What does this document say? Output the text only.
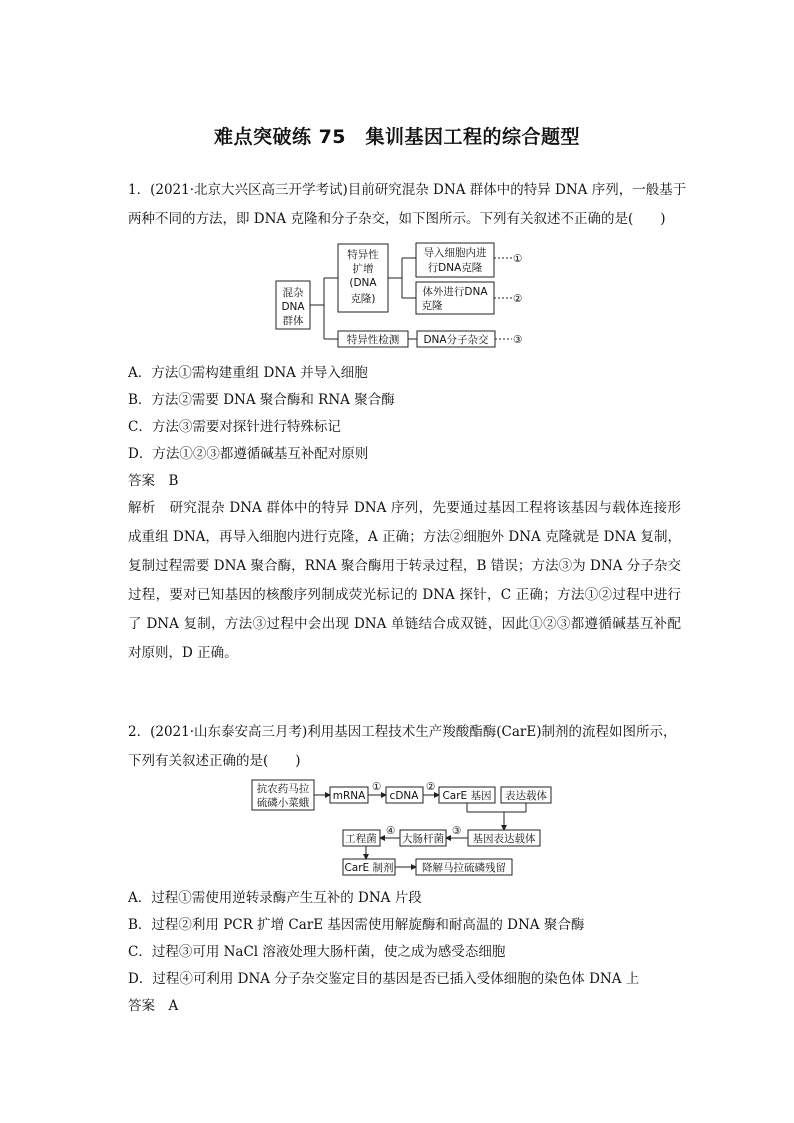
难点突破练 75　集训基因工程的综合题型
1．(2021·北京大兴区高三开学考试)目前研究混杂 DNA 群体中的特异 DNA 序列，一般基于
两种不同的方法，即 DNA 克隆和分子杂交，如下图所示。下列有关叙述不正确的是(　　)
混杂
DNA
群体
特异性
扩增
(DNA
克隆)
导入细胞内进
行DNA克隆
体外进行DNA
克隆
特异性检测 DNA分子杂交
①
②
③
A．方法①需构建重组 DNA 并导入细胞
B．方法②需要 DNA 聚合酶和 RNA 聚合酶
C．方法③需要对探针进行特殊标记
D．方法①②③都遵循碱基互补配对原则
答案　B
解析　研究混杂 DNA 群体中的特异 DNA 序列，先要通过基因工程将该基因与载体连接形成重组 DNA，再导入细胞内进行克隆，A 正确；方法②细胞外 DNA 克隆就是 DNA 复制，复制过程需要 DNA 聚合酶，RNA 聚合酶用于转录过程，B 错误；方法③为 DNA 分子杂交过程，要对已知基因的核酸序列制成荧光标记的 DNA 探针，C 正确；方法①②过程中进行了 DNA 复制，方法③过程中会出现 DNA 单链结合成双链，因此①②③都遵循碱基互补配对原则，D 正确。
2．(2021·山东泰安高三月考)利用基因工程技术生产羧酸酯酶(CarE)制剂的流程如图所示，
下列有关叙述正确的是(　　)
抗农药马拉
硫磷小菜蛾
mRNA cDNA CarE 基因 表达载体
工程菌 大肠杆菌	基因表达载体
CarE 制剂	降解马拉硫磷残留
①	②
③
④
A．过程①需使用逆转录酶产生互补的 DNA 片段
B．过程②利用 PCR 扩增 CarE 基因需使用解旋酶和耐高温的 DNA 聚合酶
C．过程③可用 NaCl 溶液处理大肠杆菌，使之成为感受态细胞
D．过程④可利用 DNA 分子杂交鉴定目的基因是否已插入受体细胞的染色体 DNA 上
答案　A
